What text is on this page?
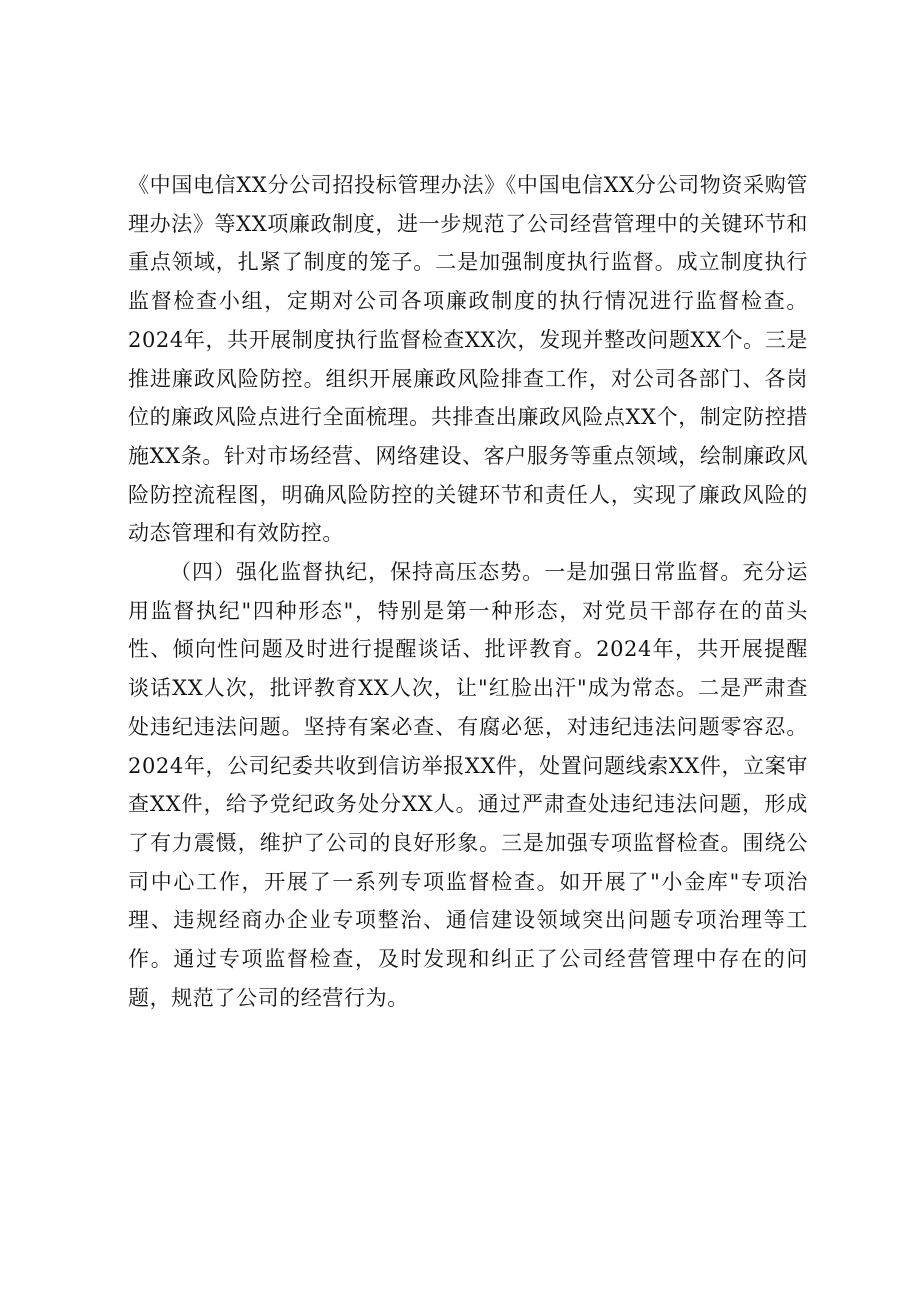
《中国电信XX分公司招投标管理办法》《中国电信XX分公司物资采购管理办法》等XX项廉政制度，进一步规范了公司经营管理中的关键环节和重点领域，扎紧了制度的笼子。二是加强制度执行监督。成立制度执行监督检查小组，定期对公司各项廉政制度的执行情况进行监督检查。2024年，共开展制度执行监督检查XX次，发现并整改问题XX个。三是推进廉政风险防控。组织开展廉政风险排查工作，对公司各部门、各岗位的廉政风险点进行全面梳理。共排查出廉政风险点XX个，制定防控措施XX条。针对市场经营、网络建设、客户服务等重点领域，绘制廉政风险防控流程图，明确风险防控的关键环节和责任人，实现了廉政风险的动态管理和有效防控。

（四）强化监督执纪，保持高压态势。一是加强日常监督。充分运用监督执纪"四种形态"，特别是第一种形态，对党员干部存在的苗头性、倾向性问题及时进行提醒谈话、批评教育。2024年，共开展提醒谈话XX人次，批评教育XX人次，让"红脸出汗"成为常态。二是严肃查处违纪违法问题。坚持有案必查、有腐必惩，对违纪违法问题零容忍。2024年，公司纪委共收到信访举报XX件，处置问题线索XX件，立案审查XX件，给予党纪政务处分XX人。通过严肃查处违纪违法问题，形成了有力震慑，维护了公司的良好形象。三是加强专项监督检查。围绕公司中心工作，开展了一系列专项监督检查。如开展了"小金库"专项治理、违规经商办企业专项整治、通信建设领域突出问题专项治理等工作。通过专项监督检查，及时发现和纠正了公司经营管理中存在的问题，规范了公司的经营行为。
